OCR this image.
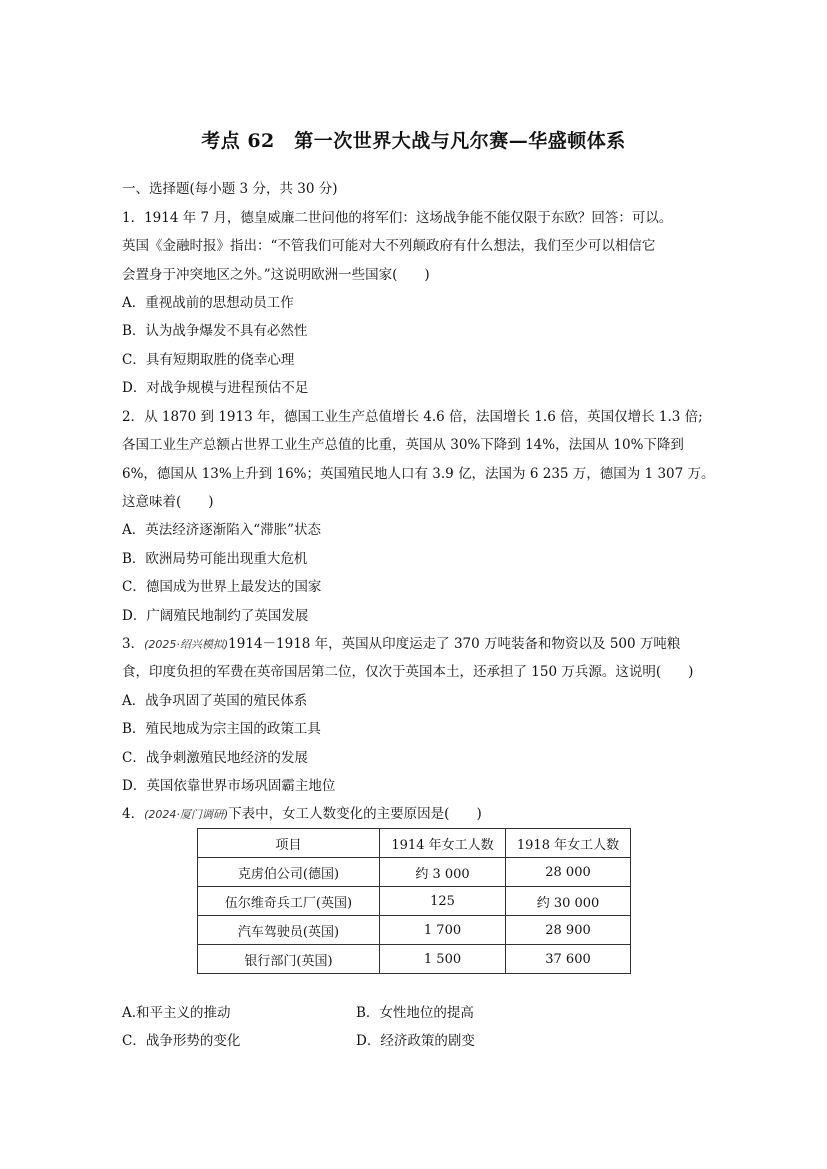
考点 62　第一次世界大战与凡尔赛—华盛顿体系
一、选择题(每小题 3 分，共 30 分)
1．1914 年 7 月，德皇威廉二世问他的将军们：这场战争能不能仅限于东欧？回答：可以。
英国《金融时报》指出：“不管我们可能对大不列颠政府有什么想法，我们至少可以相信它
会置身于冲突地区之外。”这说明欧洲一些国家(　　)
A．重视战前的思想动员工作
B．认为战争爆发不具有必然性
C．具有短期取胜的侥幸心理
D．对战争规模与进程预估不足
2．从 1870 到 1913 年，德国工业生产总值增长 4.6 倍，法国增长 1.6 倍，英国仅增长 1.3 倍;
各国工业生产总额占世界工业生产总值的比重，英国从 30%下降到 14%，法国从 10%下降到
6%，德国从 13%上升到 16%；英国殖民地人口有 3.9 亿，法国为 6 235 万，德国为 1 307 万。
这意味着(　　)
A．英法经济逐渐陷入“滞胀”状态
B．欧洲局势可能出现重大危机
C．德国成为世界上最发达的国家
D．广阔殖民地制约了英国发展
3．(2025·绍兴模拟)1914－1918 年，英国从印度运走了 370 万吨装备和物资以及 500 万吨粮
食，印度负担的军费在英帝国居第二位，仅次于英国本土，还承担了 150 万兵源。这说明(　　)
A．战争巩固了英国的殖民体系
B．殖民地成为宗主国的政策工具
C．战争刺激殖民地经济的发展
D．英国依靠世界市场巩固霸主地位
4．(2024·厦门调研)下表中，女工人数变化的主要原因是(　　)
项目	1914 年女工人数	1918 年女工人数
克虏伯公司(德国)	约 3 000	28 000
伍尔维奇兵工厂(英国)	125	约 30 000
汽车驾驶员(英国)	1 700	28 900
银行部门(英国)	1 500	37 600
A.和平主义的推动	B．女性地位的提高
C．战争形势的变化	D．经济政策的剧变
